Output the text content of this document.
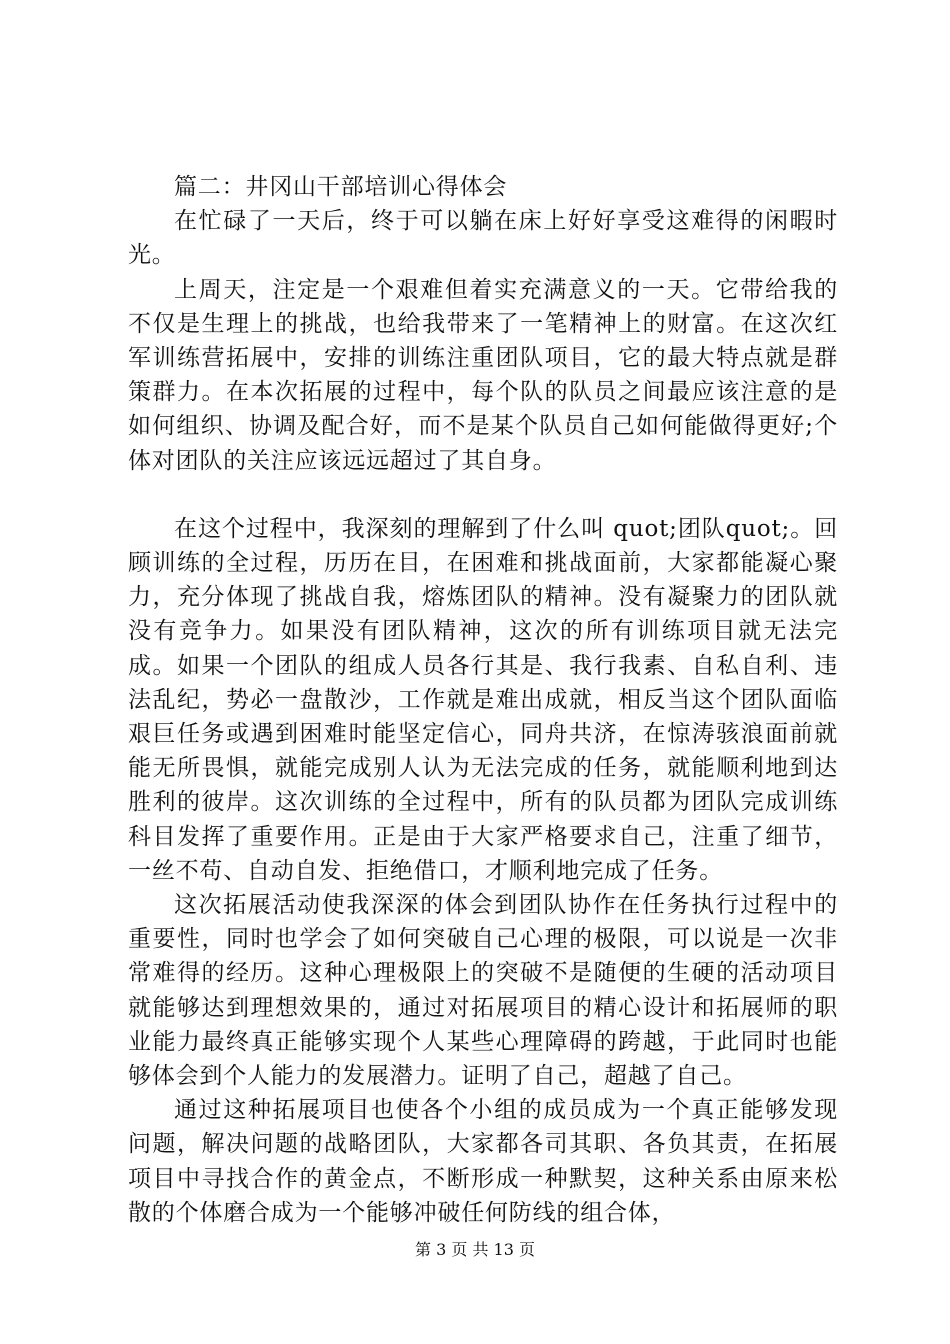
篇二：井冈山干部培训心得体会

在忙碌了一天后，终于可以躺在床上好好享受这难得的闲暇时光。

上周天，注定是一个艰难但着实充满意义的一天。它带给我的不仅是生理上的挑战，也给我带来了一笔精神上的财富。在这次红军训练营拓展中，安排的训练注重团队项目，它的最大特点就是群策群力。在本次拓展的过程中，每个队的队员之间最应该注意的是如何组织、协调及配合好，而不是某个队员自己如何能做得更好;个体对团队的关注应该远远超过了其自身。

在这个过程中，我深刻的理解到了什么叫 quot;团队quot;。回顾训练的全过程，历历在目，在困难和挑战面前，大家都能凝心聚力，充分体现了挑战自我，熔炼团队的精神。没有凝聚力的团队就没有竞争力。如果没有团队精神，这次的所有训练项目就无法完成。如果一个团队的组成人员各行其是、我行我素、自私自利、违法乱纪，势必一盘散沙，工作就是难出成就，相反当这个团队面临艰巨任务或遇到困难时能坚定信心，同舟共济，在惊涛骇浪面前就能无所畏惧，就能完成别人认为无法完成的任务，就能顺利地到达胜利的彼岸。这次训练的全过程中，所有的队员都为团队完成训练科目发挥了重要作用。正是由于大家严格要求自己，注重了细节，一丝不苟、自动自发、拒绝借口，才顺利地完成了任务。

这次拓展活动使我深深的体会到团队协作在任务执行过程中的重要性，同时也学会了如何突破自己心理的极限，可以说是一次非常难得的经历。这种心理极限上的突破不是随便的生硬的活动项目就能够达到理想效果的，通过对拓展项目的精心设计和拓展师的职业能力最终真正能够实现个人某些心理障碍的跨越，于此同时也能够体会到个人能力的发展潜力。证明了自己，超越了自己。

通过这种拓展项目也使各个小组的成员成为一个真正能够发现问题，解决问题的战略团队，大家都各司其职、各负其责，在拓展项目中寻找合作的黄金点，不断形成一种默契，这种关系由原来松散的个体磨合成为一个能够冲破任何防线的组合体，

第 3 页 共 13 页
